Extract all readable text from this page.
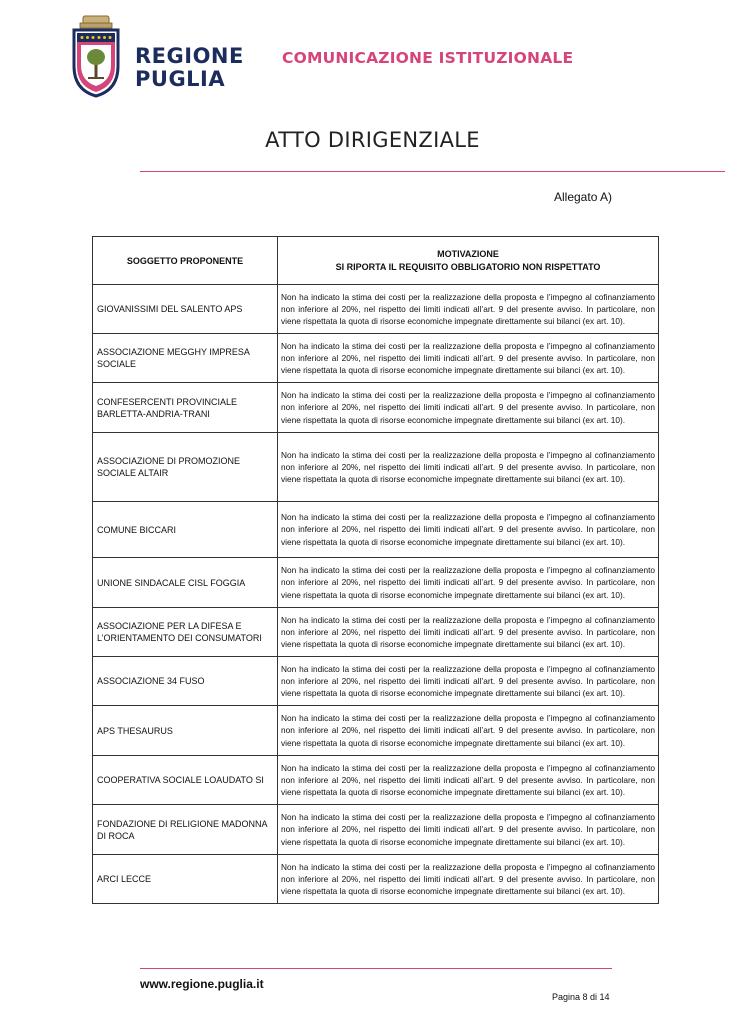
REGIONE
PUGLIA
COMUNICAZIONE ISTITUZIONALE
ATTO DIRIGENZIALE
Allegato A)
SOGGETTO PROPONENTE	MOTIVAZIONE
SI RIPORTA IL REQUISITO OBBLIGATORIO NON RISPETTATO

GIOVANISSIMI DEL SALENTO APS	Non ha indicato la stima dei costi per la realizzazione della proposta e l’impegno al cofinanziamento non inferiore al 20%, nel rispetto dei limiti indicati all’art. 9 del presente avviso. In particolare, non viene rispettata la quota di risorse economiche impegnate direttamente sui bilanci (ex art. 10).
ASSOCIAZIONE MEGGHY IMPRESA SOCIALE	Non ha indicato la stima dei costi per la realizzazione della proposta e l’impegno al cofinanziamento non inferiore al 20%, nel rispetto dei limiti indicati all’art. 9 del presente avviso. In particolare, non viene rispettata la quota di risorse economiche impegnate direttamente sui bilanci (ex art. 10).
CONFESERCENTI PROVINCIALE BARLETTA-ANDRIA-TRANI	Non ha indicato la stima dei costi per la realizzazione della proposta e l’impegno al cofinanziamento non inferiore al 20%, nel rispetto dei limiti indicati all’art. 9 del presente avviso. In particolare, non viene rispettata la quota di risorse economiche impegnate direttamente sui bilanci (ex art. 10).
ASSOCIAZIONE DI PROMOZIONE SOCIALE ALTAIR	Non ha indicato la stima dei costi per la realizzazione della proposta e l’impegno al cofinanziamento non inferiore al 20%, nel rispetto dei limiti indicati all’art. 9 del presente avviso. In particolare, non viene rispettata la quota di risorse economiche impegnate direttamente sui bilanci (ex art. 10).
COMUNE BICCARI	Non ha indicato la stima dei costi per la realizzazione della proposta e l’impegno al cofinanziamento non inferiore al 20%, nel rispetto dei limiti indicati all’art. 9 del presente avviso. In particolare, non viene rispettata la quota di risorse economiche impegnate direttamente sui bilanci (ex art. 10).
UNIONE SINDACALE CISL FOGGIA	Non ha indicato la stima dei costi per la realizzazione della proposta e l’impegno al cofinanziamento non inferiore al 20%, nel rispetto dei limiti indicati all’art. 9 del presente avviso. In particolare, non viene rispettata la quota di risorse economiche impegnate direttamente sui bilanci (ex art. 10).
ASSOCIAZIONE PER LA DIFESA E L’ORIENTAMENTO DEI CONSUMATORI	Non ha indicato la stima dei costi per la realizzazione della proposta e l’impegno al cofinanziamento non inferiore al 20%, nel rispetto dei limiti indicati all’art. 9 del presente avviso. In particolare, non viene rispettata la quota di risorse economiche impegnate direttamente sui bilanci (ex art. 10).
ASSOCIAZIONE 34 FUSO	Non ha indicato la stima dei costi per la realizzazione della proposta e l’impegno al cofinanziamento non inferiore al 20%, nel rispetto dei limiti indicati all’art. 9 del presente avviso. In particolare, non viene rispettata la quota di risorse economiche impegnate direttamente sui bilanci (ex art. 10).
APS THESAURUS	Non ha indicato la stima dei costi per la realizzazione della proposta e l’impegno al cofinanziamento non inferiore al 20%, nel rispetto dei limiti indicati all’art. 9 del presente avviso. In particolare, non viene rispettata la quota di risorse economiche impegnate direttamente sui bilanci (ex art. 10).
COOPERATIVA SOCIALE LOAUDATO SI	Non ha indicato la stima dei costi per la realizzazione della proposta e l’impegno al cofinanziamento non inferiore al 20%, nel rispetto dei limiti indicati all’art. 9 del presente avviso. In particolare, non viene rispettata la quota di risorse economiche impegnate direttamente sui bilanci (ex art. 10).
FONDAZIONE DI RELIGIONE MADONNA DI ROCA	Non ha indicato la stima dei costi per la realizzazione della proposta e l’impegno al cofinanziamento non inferiore al 20%, nel rispetto dei limiti indicati all’art. 9 del presente avviso. In particolare, non viene rispettata la quota di risorse economiche impegnate direttamente sui bilanci (ex art. 10).
ARCI LECCE	Non ha indicato la stima dei costi per la realizzazione della proposta e l’impegno al cofinanziamento non inferiore al 20%, nel rispetto dei limiti indicati all’art. 9 del presente avviso. In particolare, non viene rispettata la quota di risorse economiche impegnate direttamente sui bilanci (ex art. 10).
www.regione.puglia.it
Pagina 8 di 14
